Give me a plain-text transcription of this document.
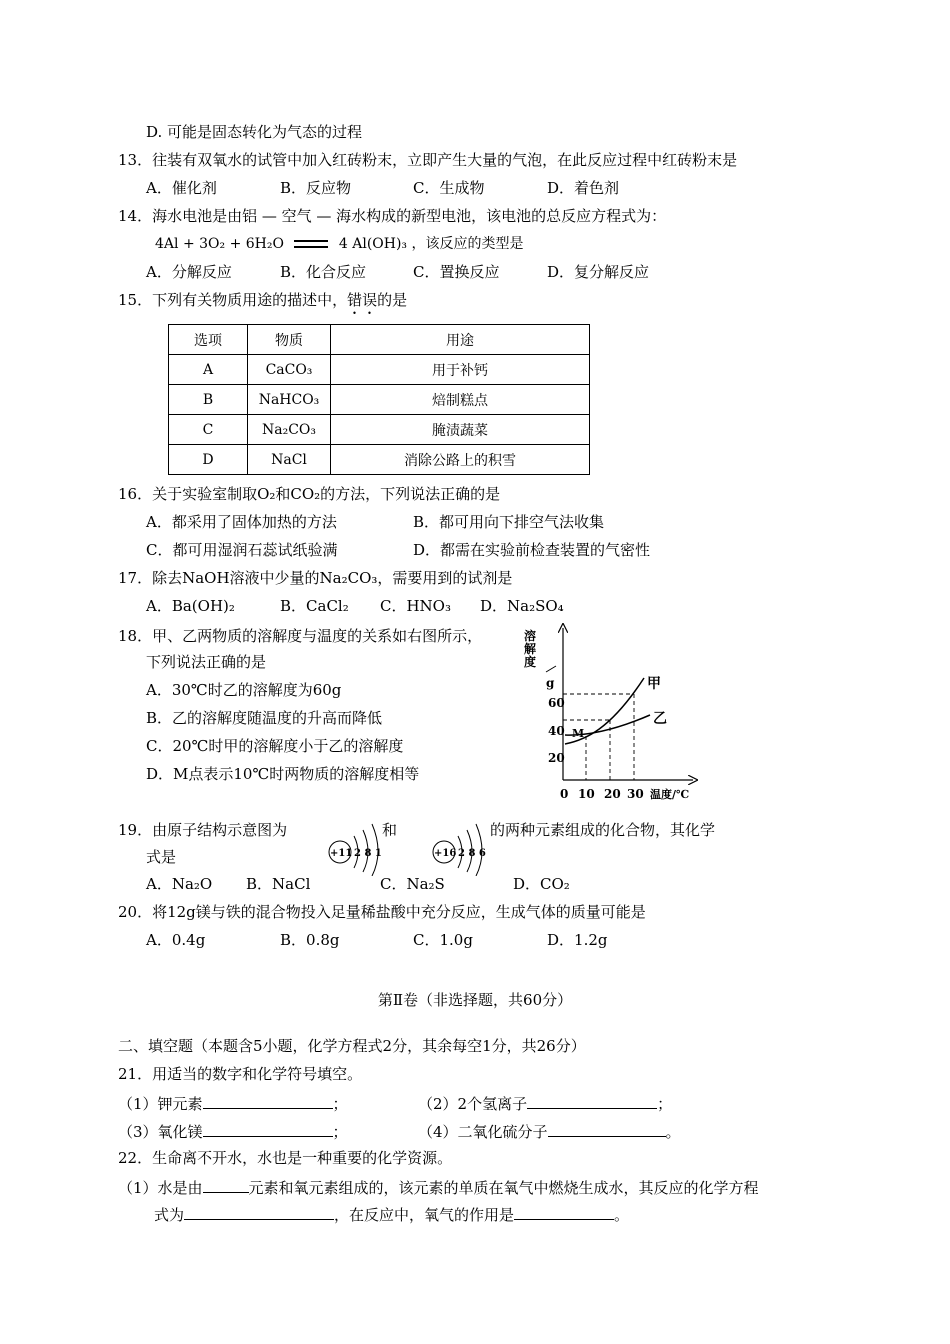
D. 可能是固态转化为气态的过程
13．往装有双氧水的试管中加入红砖粉末，立即产生大量的气泡，在此反应过程中红砖粉末是
A．催化剂	B．反应物	C．生成物	D．着色剂
14．海水电池是由铝 — 空气 — 海水构成的新型电池，该电池的总反应方程式为：
4Al + 3O₂ + 6H₂O	4 Al(OH)₃ ，该反应的类型是
A．分解反应	B．化合反应	C．置换反应	D．复分解反应
15．下列有关物质用途的描述中，错误的是
选项	物质	用途
A	CaCO₃	用于补钙
B	NaHCO₃	焙制糕点
C	Na₂CO₃	腌渍蔬菜
D	NaCl	消除公路上的积雪
16．关于实验室制取O₂和CO₂的方法，下列说法正确的是
A．都采用了固体加热的方法	B．都可用向下排空气法收集
C．都可用湿润石蕊试纸验满	D．都需在实验前检查装置的气密性
17．除去NaOH溶液中少量的Na₂CO₃，需要用到的试剂是
A．Ba(OH)₂	B．CaCl₂ C．HNO₃ D．Na₂SO₄
18．甲、乙两物质的溶解度与温度的关系如右图所示，
下列说法正确的是
A．30℃时乙的溶解度为60g
B．乙的溶解度随温度的升高而降低
C．20℃时甲的溶解度小于乙的溶解度
D．M点表示10℃时两物质的溶解度相等
溶
解
度
g
60
40
20
0 10 20 30 温度/℃
甲
乙
M
19．由原子结构示意图为	和	的两种元素组成的化合物，其化学
式是	+11 2 8 1	+16 2 8 6
A．Na₂O B．NaCl	C．Na₂S	D．CO₂
20．将12g镁与铁的混合物投入足量稀盐酸中充分反应，生成气体的质量可能是
A．0.4g	B．0.8g	C．1.0g	D．1.2g
第Ⅱ卷（非选择题，共60分）
二、填空题（本题含5小题，化学方程式2分，其余每空1分，共26分）
21．用适当的数字和化学符号填空。
（1）钾元素	；	（2）2个氢离子	；
（3）氧化镁	；	（4）二氧化硫分子	。
22．生命离不开水，水也是一种重要的化学资源。
（1）水是由	元素和氧元素组成的，该元素的单质在氧气中燃烧生成水，其反应的化学方程
式为	，在反应中，氧气的作用是	。
